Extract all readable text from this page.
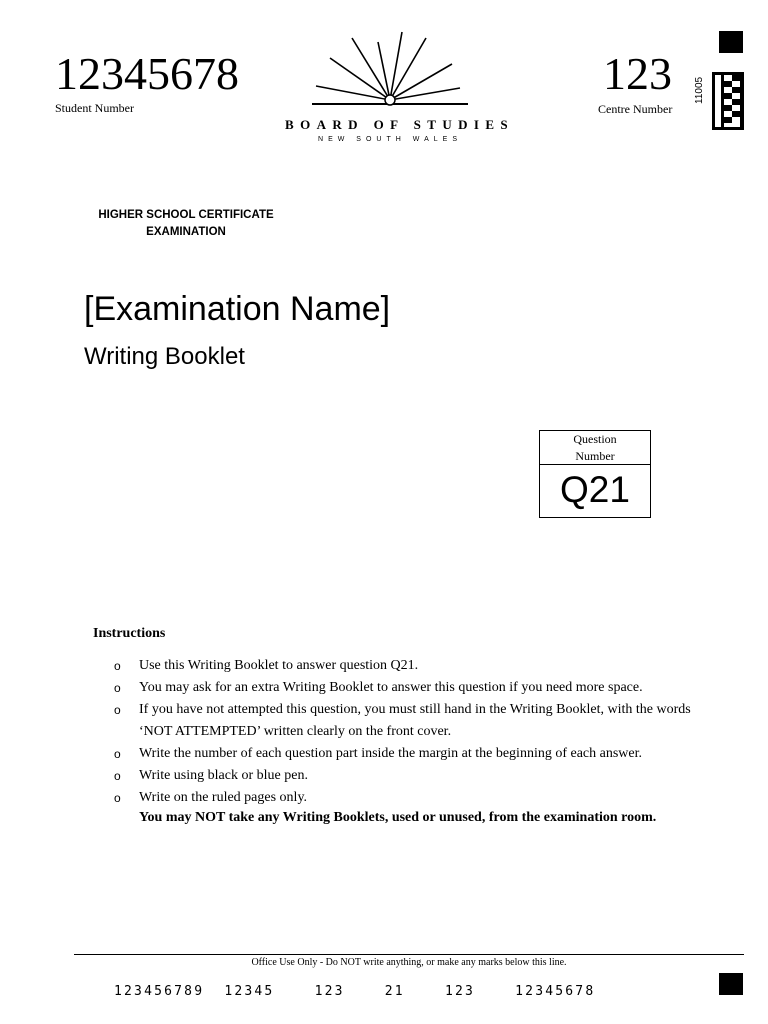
12345678
Student Number
BOARD OF STUDIES
NEW SOUTH WALES
123
Centre Number
11005
HIGHER SCHOOL CERTIFICATE
EXAMINATION
[Examination Name]
Writing Booklet
Question
Number
Q21
Instructions
o	Use this Writing Booklet to answer question Q21.
o	You may ask for an extra Writing Booklet to answer this question if you need more space.
o	If you have not attempted this question, you must still hand in the Writing Booklet, with the words ‘NOT ATTEMPTED’ written clearly on the front cover.
o	Write the number of each question part inside the margin at the beginning of each answer.
o	Write using black or blue pen.
o	Write on the ruled pages only.
You may NOT take any Writing Booklets, used or unused, from the examination room.
Office Use Only - Do NOT write anything, or make any marks below this line.
123456789 12345	123	21	123	12345678
